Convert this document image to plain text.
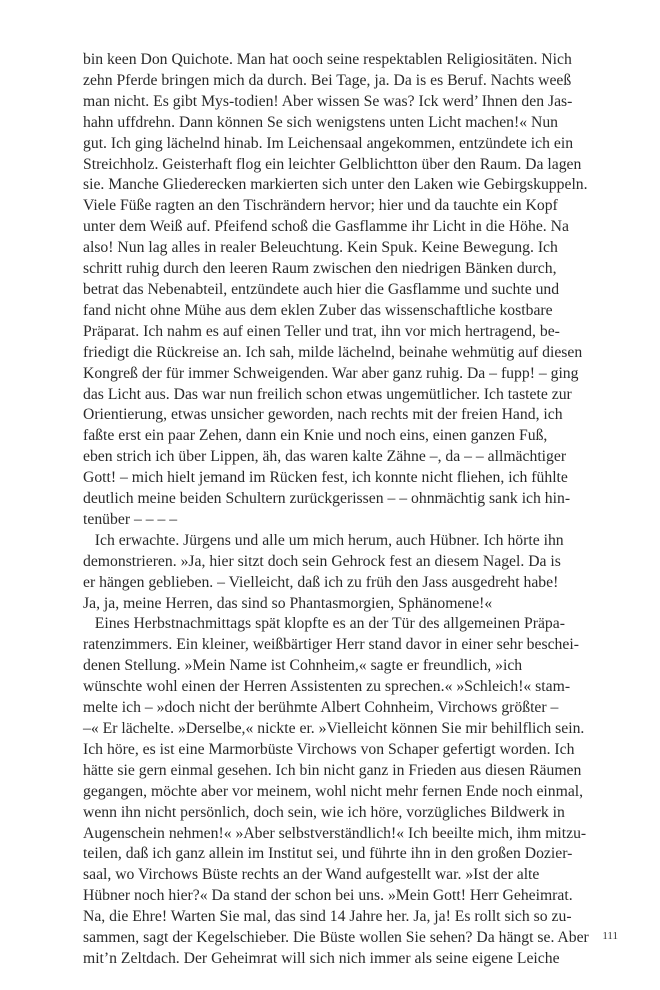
bin keen Don Quichote. Man hat ooch seine respektablen Religiositäten. Nich
zehn Pferde bringen mich da durch. Bei Tage, ja. Da is es Beruf. Nachts weeß
man nicht. Es gibt Mys-todien! Aber wissen Se was? Ick werd’ Ihnen den Jas-
hahn uffdrehn. Dann können Se sich wenigstens unten Licht machen!« Nun
gut. Ich ging lächelnd hinab. Im Leichensaal angekommen, entzündete ich ein
Streichholz. Geisterhaft flog ein leichter Gelblichtton über den Raum. Da lagen
sie. Manche Gliederecken markierten sich unter den Laken wie Gebirgskuppeln.
Viele Füße ragten an den Tischrändern hervor; hier und da tauchte ein Kopf
unter dem Weiß auf. Pfeifend schoß die Gasflamme ihr Licht in die Höhe. Na
also! Nun lag alles in realer Beleuchtung. Kein Spuk. Keine Bewegung. Ich
schritt ruhig durch den leeren Raum zwischen den niedrigen Bänken durch,
betrat das Nebenabteil, entzündete auch hier die Gasflamme und suchte und
fand nicht ohne Mühe aus dem eklen Zuber das wissenschaftliche kostbare
Präparat. Ich nahm es auf einen Teller und trat, ihn vor mich hertragend, be-
friedigt die Rückreise an. Ich sah, milde lächelnd, beinahe wehmütig auf diesen
Kongreß der für immer Schweigenden. War aber ganz ruhig. Da – fupp! – ging
das Licht aus. Das war nun freilich schon etwas ungemütlicher. Ich tastete zur
Orientierung, etwas unsicher geworden, nach rechts mit der freien Hand, ich
faßte erst ein paar Zehen, dann ein Knie und noch eins, einen ganzen Fuß,
eben strich ich über Lippen, äh, das waren kalte Zähne –, da – – allmächtiger
Gott! – mich hielt jemand im Rücken fest, ich konnte nicht fliehen, ich fühlte
deutlich meine beiden Schultern zurückgerissen – – ohnmächtig sank ich hin-
tenüber – – – –
Ich erwachte. Jürgens und alle um mich herum, auch Hübner. Ich hörte ihn
demonstrieren. »Ja, hier sitzt doch sein Gehrock fest an diesem Nagel. Da is
er hängen geblieben. – Vielleicht, daß ich zu früh den Jass ausgedreht habe!
Ja, ja, meine Herren, das sind so Phantasmorgien, Sphänomene!«
Eines Herbstnachmittags spät klopfte es an der Tür des allgemeinen Präpa-
ratenzimmers. Ein kleiner, weißbärtiger Herr stand davor in einer sehr beschei-
denen Stellung. »Mein Name ist Cohnheim,« sagte er freundlich, »ich
wünschte wohl einen der Herren Assistenten zu sprechen.« »Schleich!« stam-
melte ich – »doch nicht der berühmte Albert Cohnheim, Virchows größter –
–« Er lächelte. »Derselbe,« nickte er. »Vielleicht können Sie mir behilflich sein.
Ich höre, es ist eine Marmorbüste Virchows von Schaper gefertigt worden. Ich
hätte sie gern einmal gesehen. Ich bin nicht ganz in Frieden aus diesen Räumen
gegangen, möchte aber vor meinem, wohl nicht mehr fernen Ende noch einmal,
wenn ihn nicht persönlich, doch sein, wie ich höre, vorzügliches Bildwerk in
Augenschein nehmen!« »Aber selbstverständlich!« Ich beeilte mich, ihm mitzu-
teilen, daß ich ganz allein im Institut sei, und führte ihn in den großen Dozier-
saal, wo Virchows Büste rechts an der Wand aufgestellt war. »Ist der alte
Hübner noch hier?« Da stand der schon bei uns. »Mein Gott! Herr Geheimrat.
Na, die Ehre! Warten Sie mal, das sind 14 Jahre her. Ja, ja! Es rollt sich so zu-
sammen, sagt der Kegelschieber. Die Büste wollen Sie sehen? Da hängt se. Aber
mit’n Zeltdach. Der Geheimrat will sich nich immer als seine eigene Leiche
111
